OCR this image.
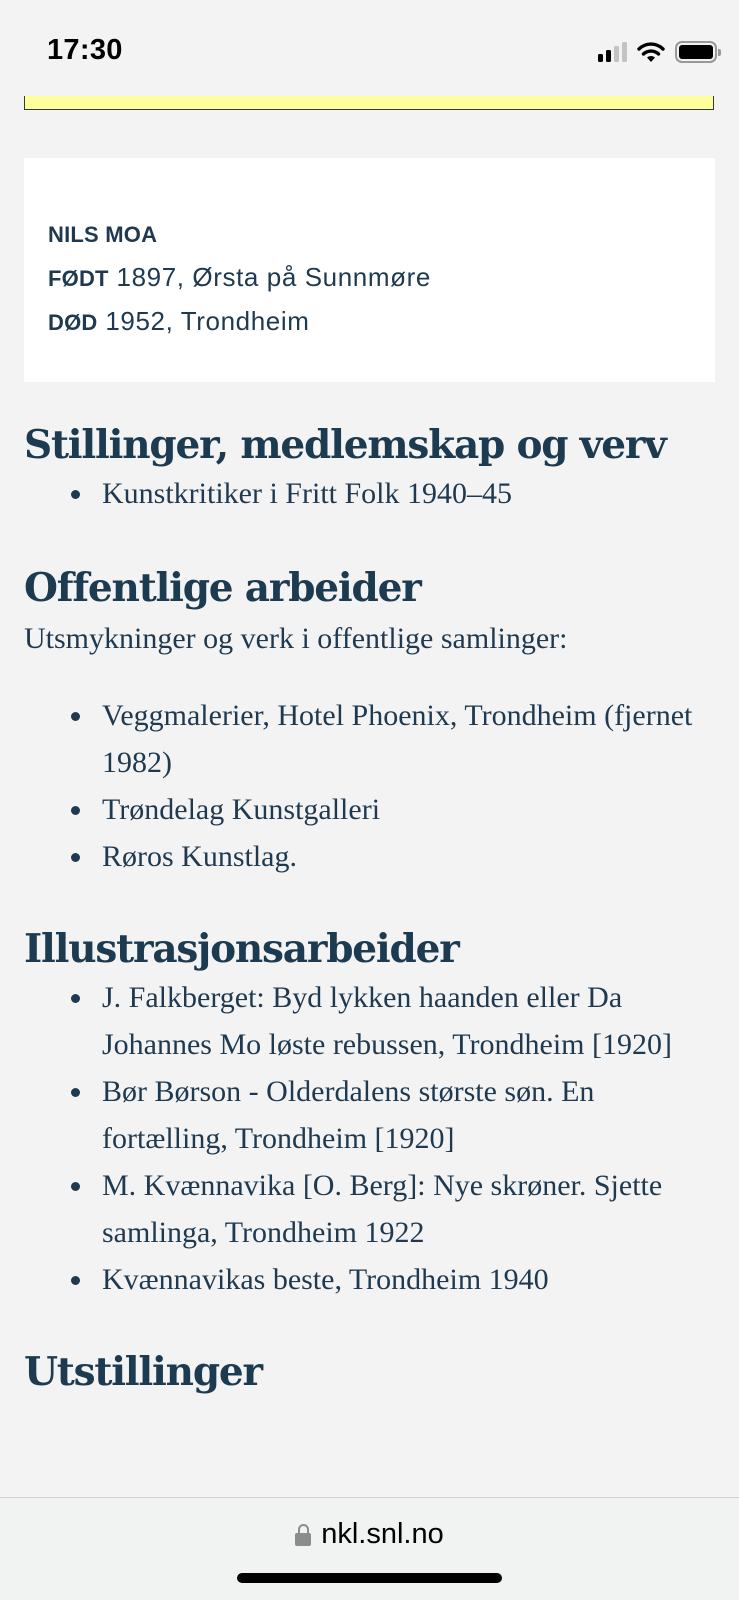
17:30
NILS MOA
FØDT 1897, Ørsta på Sunnmøre
DØD 1952, Trondheim
Stillinger, medlemskap og verv
Kunstkritiker i Fritt Folk 1940–45
Offentlige arbeider

Utsmykninger og verk i offentlige samlinger:

Veggmalerier, Hotel Phoenix, Trondheim (fjernet 1982)
Trøndelag Kunstgalleri
Røros Kunstlag.
Illustrasjonsarbeider
J. Falkberget: Byd lykken haanden eller Da Johannes Mo løste rebussen, Trondheim [1920]
Bør Børson - Olderdalens største søn. En fortælling, Trondheim [1920]
M. Kvænnavika [O. Berg]: Nye skrøner. Sjette samlinga, Trondheim 1922
Kvænnavikas beste, Trondheim 1940
Utstillinger
nkl.snl.no
